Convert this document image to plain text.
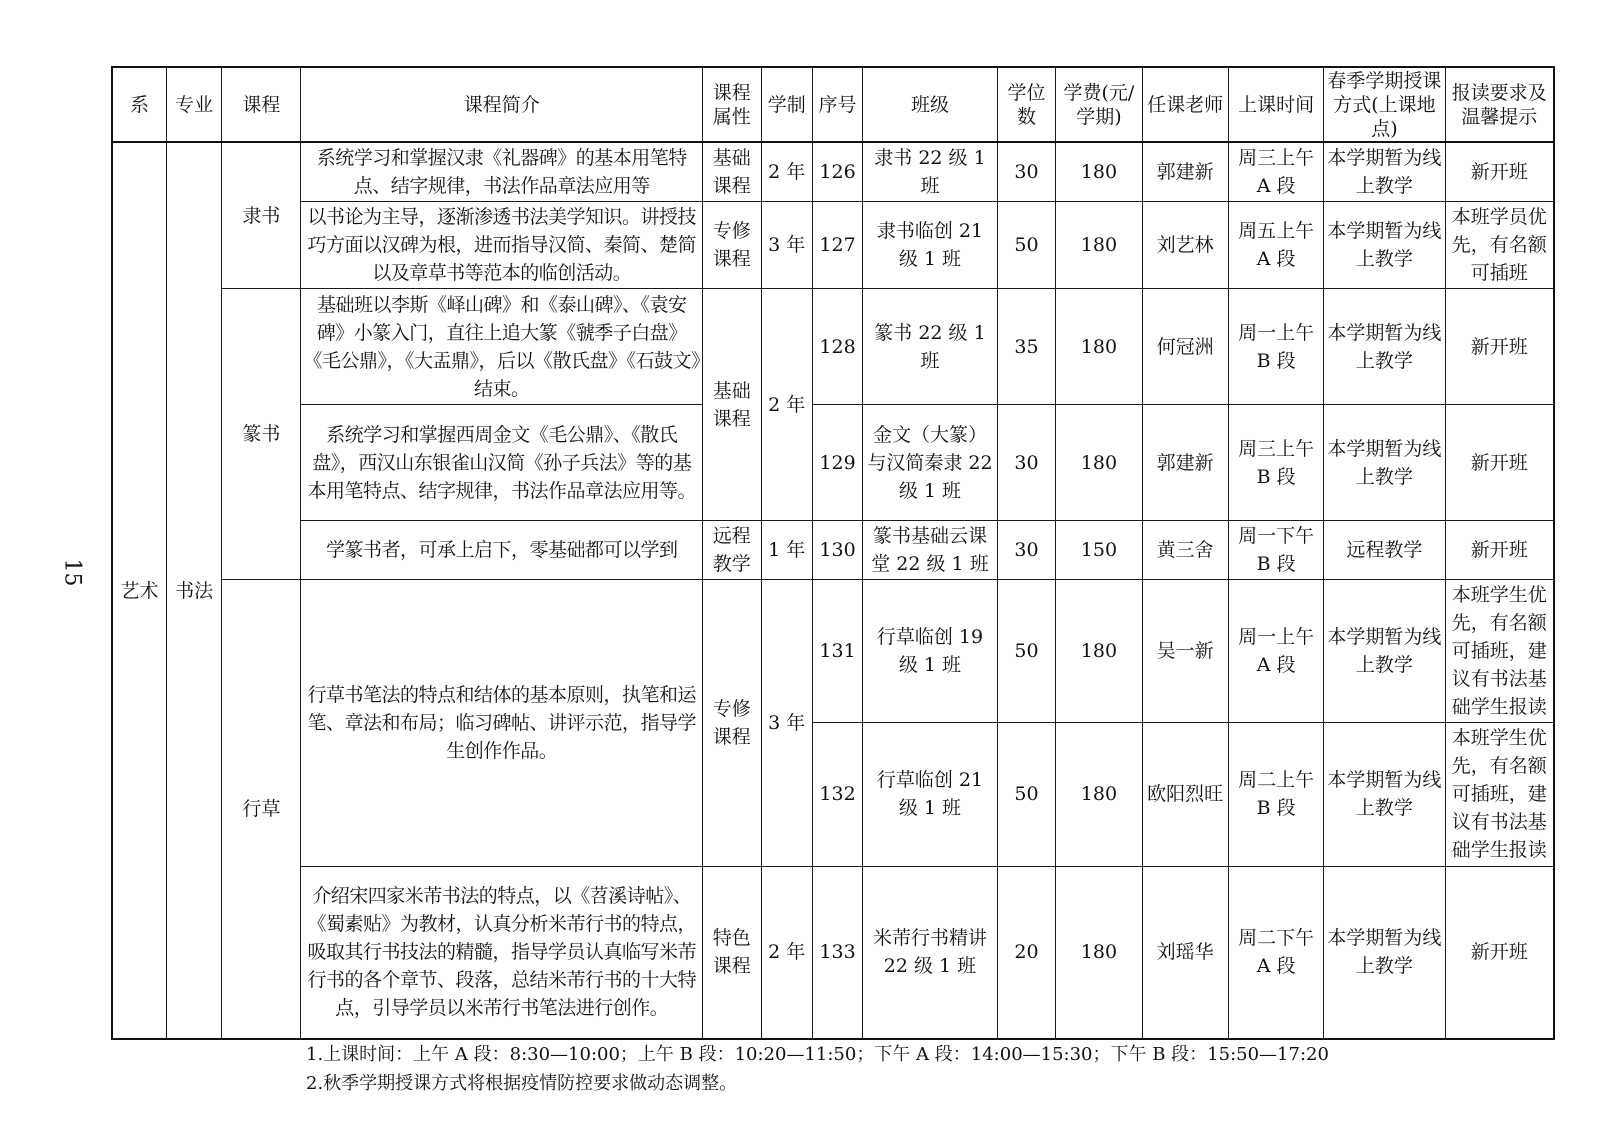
15
系	专业	课程	课程简介	课程属性	学制	序号	班级	学位数	学费(元/学期)	任课老师	上课时间	春季学期授课方式(上课地点)	报读要求及温馨提示
艺术	书法	隶书	系统学习和掌握汉隶《礼器碑》的基本用笔特点、结字规律，书法作品章法应用等	基础课程	2 年	126	隶书 22 级 1 班	30	180	郭建新	周三上午 A 段	本学期暂为线上教学	新开班
			以书论为主导，逐渐渗透书法美学知识。讲授技巧方面以汉碑为根，进而指导汉简、秦简、楚简以及章草书等范本的临创活动。	专修课程	3 年	127	隶书临创 21 级 1 班	50	180	刘艺林	周五上午 A 段	本学期暂为线上教学	本班学员优先，有名额可插班
		篆书	基础班以李斯《峄山碑》和《泰山碑》、《袁安碑》小篆入门，直往上追大篆《虢季子白盘》《毛公鼎》，《大盂鼎》，后以《散氏盘》《石鼓文》结束。	基础课程	2 年	128	篆书 22 级 1 班	35	180	何冠洲	周一上午 B 段	本学期暂为线上教学	新开班
			系统学习和掌握西周金文《毛公鼎》、《散氏盘》，西汉山东银雀山汉简《孙子兵法》等的基本用笔特点、结字规律，书法作品章法应用等。			129	金文（大篆）与汉简秦隶 22 级 1 班	30	180	郭建新	周三上午 B 段	本学期暂为线上教学	新开班
			学篆书者，可承上启下，零基础都可以学到	远程教学	1 年	130	篆书基础云课堂 22 级 1 班	30	150	黄三舍	周一下午 B 段	远程教学	新开班
		行草	行草书笔法的特点和结体的基本原则，执笔和运笔、章法和布局；临习碑帖、讲评示范，指导学生创作作品。	专修课程	3 年	131	行草临创 19 级 1 班	50	180	吴一新	周一上午 A 段	本学期暂为线上教学	本班学生优先，有名额可插班，建议有书法基础学生报读
						132	行草临创 21 级 1 班	50	180	欧阳烈旺	周二上午 B 段	本学期暂为线上教学	本班学生优先，有名额可插班，建议有书法基础学生报读
			介绍宋四家米芾书法的特点，以《苕溪诗帖》、《蜀素贴》为教材，认真分析米芾行书的特点，吸取其行书技法的精髓，指导学员认真临写米芾行书的各个章节、段落，总结米芾行书的十大特点，引导学员以米芾行书笔法进行创作。	特色课程	2 年	133	米芾行书精讲 22 级 1 班	20	180	刘瑶华	周二下午 A 段	本学期暂为线上教学	新开班
1.上课时间：上午 A 段：8:30—10:00；上午 B 段：10:20—11:50；下午 A 段：14:00—15:30；下午 B 段：15:50—17:20
2.秋季学期授课方式将根据疫情防控要求做动态调整。
